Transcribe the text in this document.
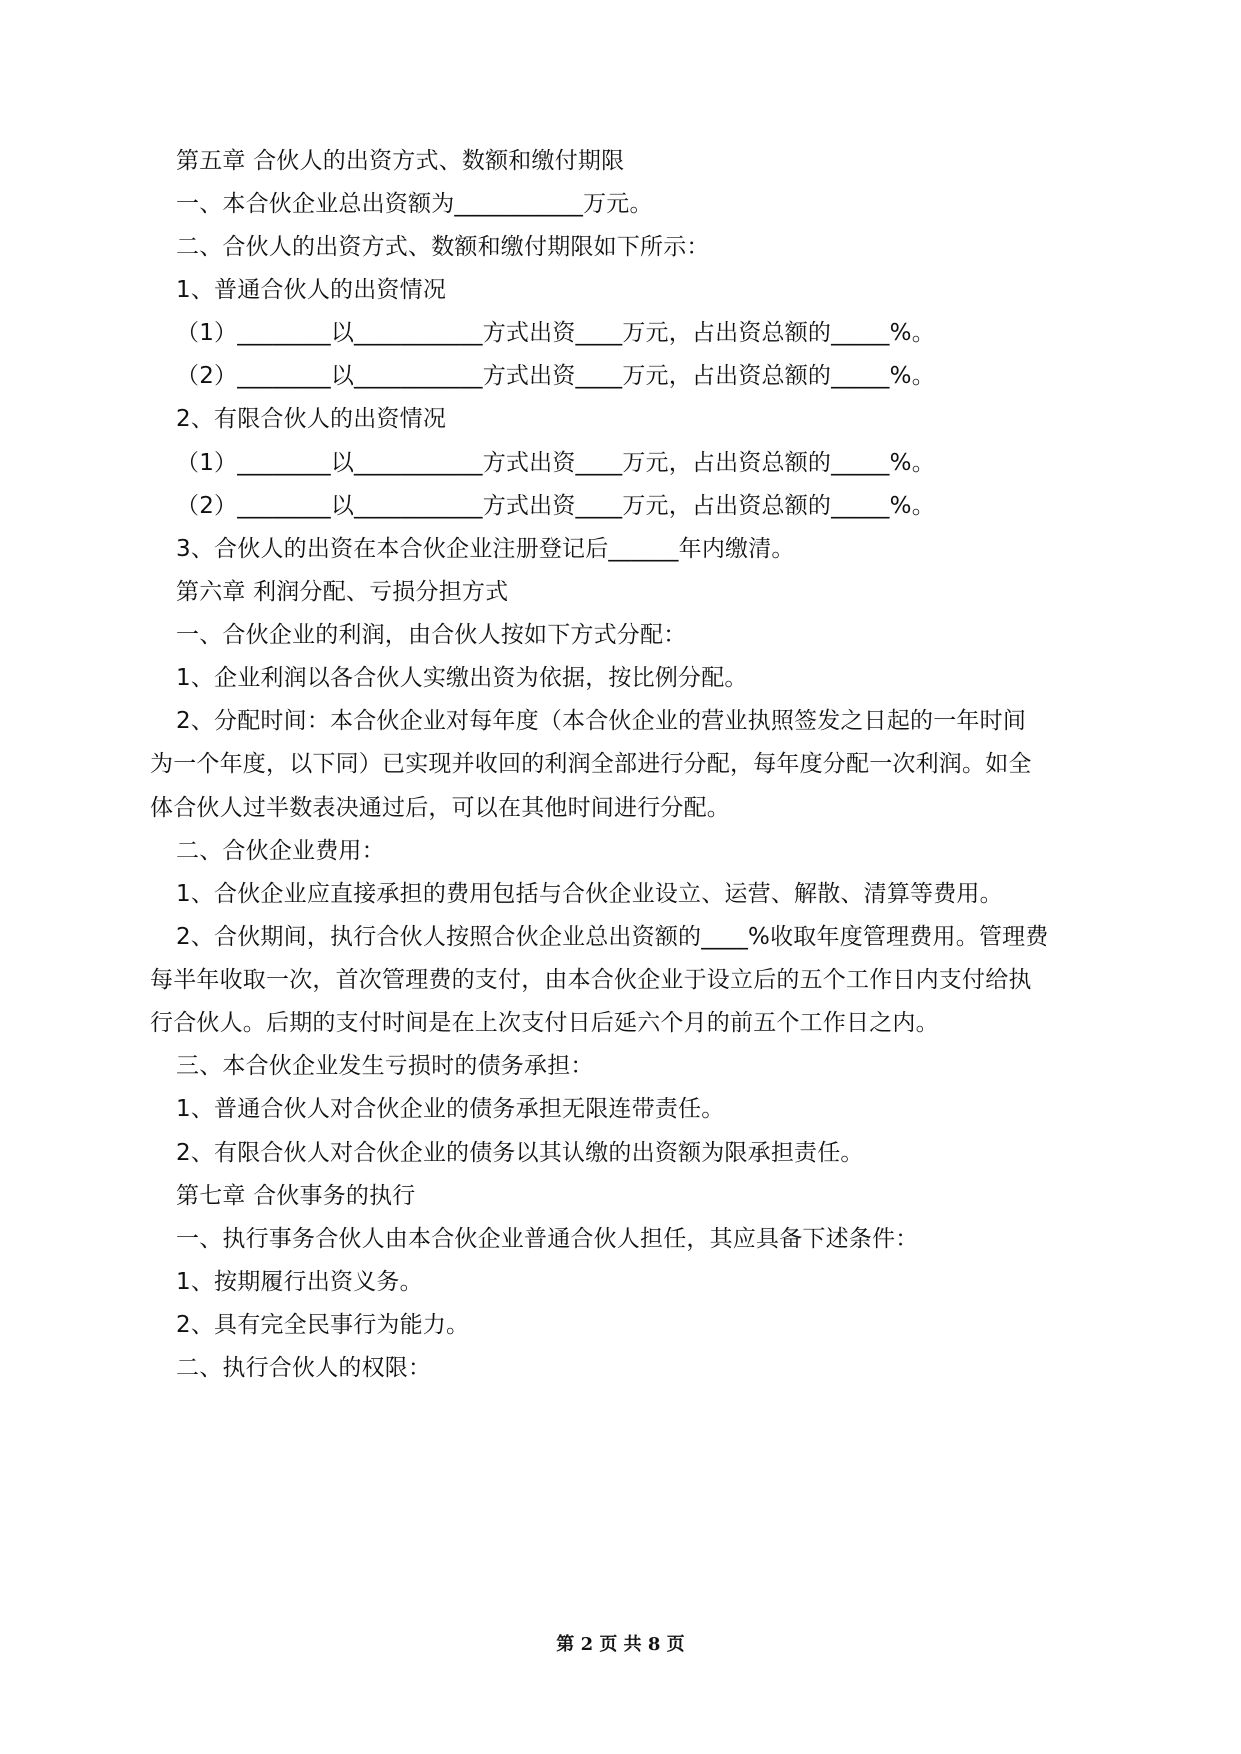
第五章 合伙人的出资方式、数额和缴付期限
一、本合伙企业总出资额为___________万元。
二、合伙人的出资方式、数额和缴付期限如下所示：
1、普通合伙人的出资情况
（1）________以___________方式出资____万元，占出资总额的_____%。
（2）________以___________方式出资____万元，占出资总额的_____%。
2、有限合伙人的出资情况
（1）________以___________方式出资____万元，占出资总额的_____%。
（2）________以___________方式出资____万元，占出资总额的_____%。
3、合伙人的出资在本合伙企业注册登记后______年内缴清。
第六章 利润分配、亏损分担方式
一、合伙企业的利润，由合伙人按如下方式分配：
1、企业利润以各合伙人实缴出资为依据，按比例分配。
2、分配时间：本合伙企业对每年度（本合伙企业的营业执照签发之日起的一年时间
为一个年度，以下同）已实现并收回的利润全部进行分配，每年度分配一次利润。如全
体合伙人过半数表决通过后，可以在其他时间进行分配。
二、合伙企业费用：
1、合伙企业应直接承担的费用包括与合伙企业设立、运营、解散、清算等费用。
2、合伙期间，执行合伙人按照合伙企业总出资额的____%收取年度管理费用。管理费
每半年收取一次，首次管理费的支付，由本合伙企业于设立后的五个工作日内支付给执
行合伙人。后期的支付时间是在上次支付日后延六个月的前五个工作日之内。
三、本合伙企业发生亏损时的债务承担：
1、普通合伙人对合伙企业的债务承担无限连带责任。
2、有限合伙人对合伙企业的债务以其认缴的出资额为限承担责任。
第七章 合伙事务的执行
一、执行事务合伙人由本合伙企业普通合伙人担任，其应具备下述条件：
1、按期履行出资义务。
2、具有完全民事行为能力。
二、执行合伙人的权限：
第 2 页 共 8 页
